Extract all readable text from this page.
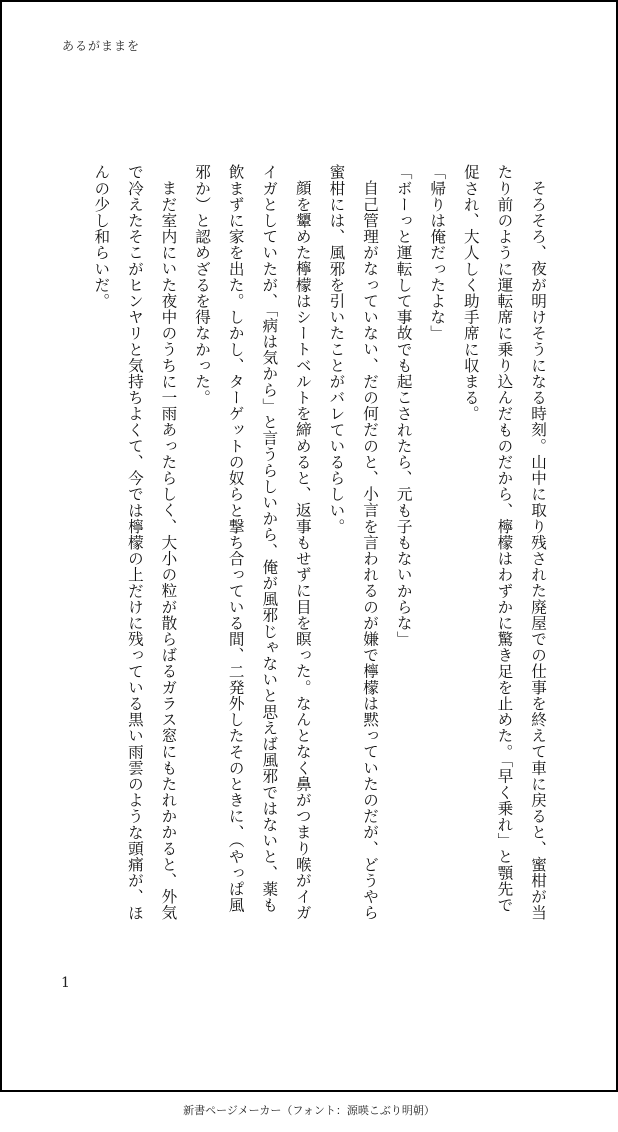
あるがままを

そろそろ、夜が明けそうになる時刻。山中に取り残された廃屋での仕事を終えて車に戻ると、蜜柑が当たり前のように運転席に乗り込んだものだから、檸檬はわずかに驚き足を止めた。「早く乗れ」と顎先で促され、大人しく助手席に収まる。

「帰りは俺だったよな」

「ボーっと運転して事故でも起こされたら、元も子もないからな」

自己管理がなっていない、だの何だのと、小言を言われるのが嫌で檸檬は黙っていたのだが、どうやら蜜柑には、風邪を引いたことがバレているらしい。

顔を顰めた檸檬はシートベルトを締めると、返事もせずに目を瞑った。なんとなく鼻がつまり喉がイガイガとしていたが、「病は気から」と言うらしいから、俺が風邪じゃないと思えば風邪ではないと、薬も飲まずに家を出た。しかし、ターゲットの奴らと撃ち合っている間、二発外したそのときに、（やっぱ風邪か）と認めざるを得なかった。

まだ室内にいた夜中のうちに一雨あったらしく、大小の粒が散らばるガラス窓にもたれかかると、外気で冷えたそこがヒンヤリと気持ちよくて、今では檸檬の上だけに残っている黒い雨雲のような頭痛が、ほんの少し和らいだ。

1
新書ページメーカー（フォント：源暎こぶり明朝）
